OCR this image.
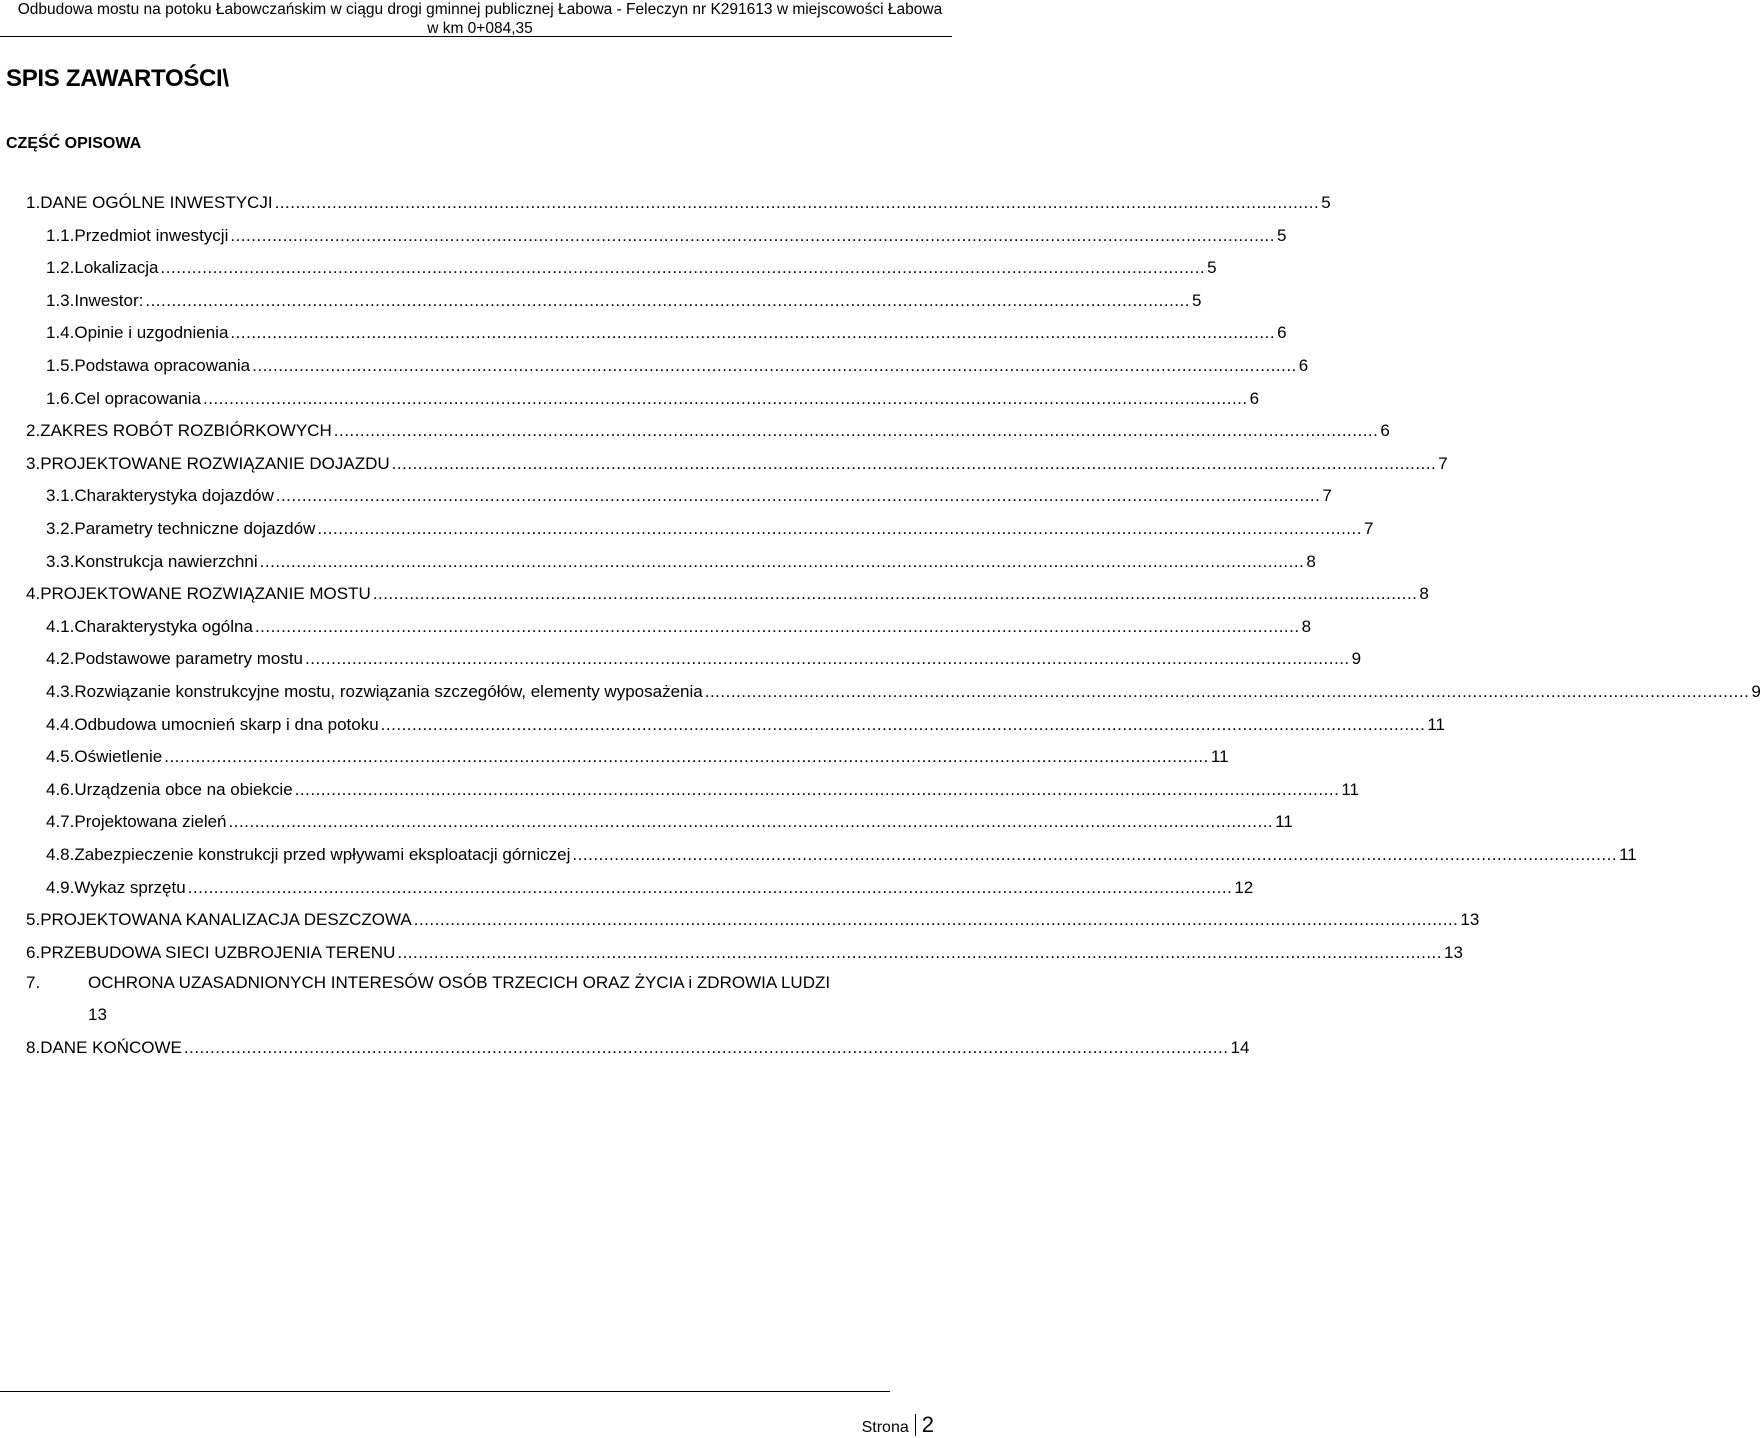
Odbudowa mostu na potoku Łabowczańskim w ciągu drogi gminnej publicznej Łabowa - Feleczyn nr K291613 w miejscowości Łabowa
w km 0+084,35
SPIS ZAWARTOŚCI\
CZĘŚĆ OPISOWA
1. DANE OGÓLNE INWESTYCJI ........................................................................................................................................................................................................ 5
1.1. Przedmiot inwestycji ........................................................................................................................................................................................................ 5
1.2. Lokalizacja ........................................................................................................................................................................................................ 5
1.3. Inwestor: ........................................................................................................................................................................................................ 5
1.4. Opinie i uzgodnienia ........................................................................................................................................................................................................ 6
1.5. Podstawa opracowania ........................................................................................................................................................................................................ 6
1.6. Cel opracowania ........................................................................................................................................................................................................ 6
2. ZAKRES ROBÓT ROZBIÓRKOWYCH ........................................................................................................................................................................................................ 6
3. PROJEKTOWANE ROZWIĄZANIE DOJAZDU ........................................................................................................................................................................................................ 7
3.1. Charakterystyka dojazdów ........................................................................................................................................................................................................ 7
3.2. Parametry techniczne dojazdów ........................................................................................................................................................................................................ 7
3.3. Konstrukcja nawierzchni ........................................................................................................................................................................................................ 8
4. PROJEKTOWANE ROZWIĄZANIE MOSTU ........................................................................................................................................................................................................ 8
4.1. Charakterystyka ogólna ........................................................................................................................................................................................................ 8
4.2. Podstawowe parametry mostu ........................................................................................................................................................................................................ 9
4.3. Rozwiązanie konstrukcyjne mostu, rozwiązania szczegółów, elementy wyposażenia ........................................................................................................................................................................................................ 9
4.4. Odbudowa umocnień skarp i dna potoku ........................................................................................................................................................................................................ 11
4.5. Oświetlenie ........................................................................................................................................................................................................ 11
4.6. Urządzenia obce na obiekcie ........................................................................................................................................................................................................ 11
4.7. Projektowana zieleń ........................................................................................................................................................................................................ 11
4.8. Zabezpieczenie konstrukcji przed wpływami eksploatacji górniczej ........................................................................................................................................................................................................ 11
4.9. Wykaz sprzętu ........................................................................................................................................................................................................ 12
5. PROJEKTOWANA KANALIZACJA DESZCZOWA ........................................................................................................................................................................................................ 13
6. PRZEBUDOWA SIECI UZBROJENIA TERENU ........................................................................................................................................................................................................ 13
7.	OCHRONA UZASADNIONYCH INTERESÓW OSÓB TRZECICH ORAZ ŻYCIA i ZDROWIA LUDZI
13
8. DANE KOŃCOWE ........................................................................................................................................................................................................ 14
Strona 2
